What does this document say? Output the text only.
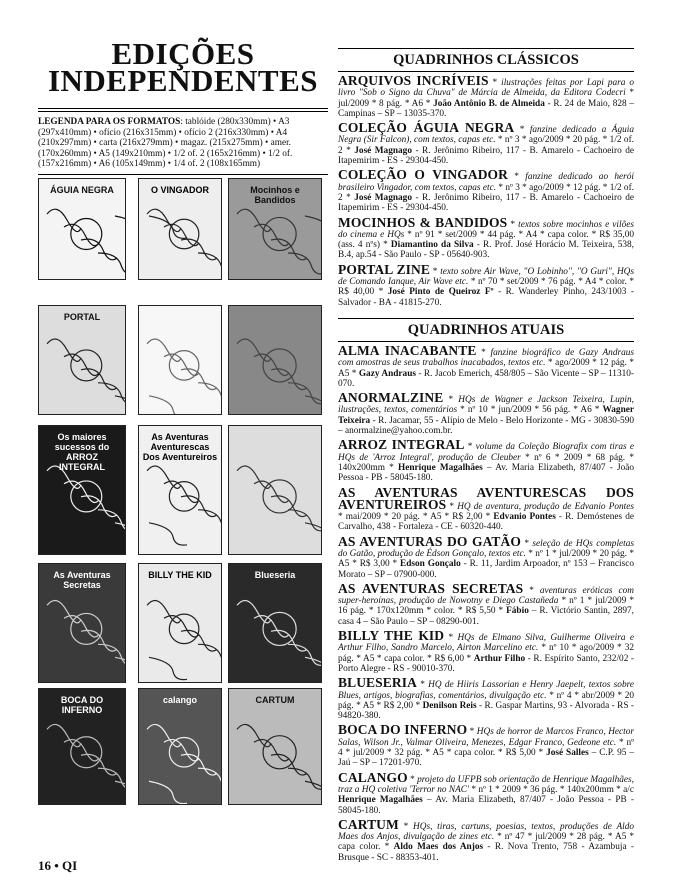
EDIÇÕES
INDEPENDENTES
LEGENDA PARA OS FORMATOS: tablóide (280x330mm) • A3 (297x410mm) • ofício (216x315mm) • ofício 2 (216x330mm) • A4 (210x297mm) • carta (216x279mm) • magaz. (215x275mm) • amer. (170x260mm) • A5 (149x210mm) • 1/2 of. 2 (165x216mm) • 1/2 of. (157x216mm) • A6 (105x149mm) • 1/4 of. 2 (108x165mm)
ÁGUIA NEGRA	O VINGADOR	Mocinhos e Bandidos
PORTAL
Os maiores sucessos do ARROZ INTEGRAL
As Aventuras Aventurescas Dos Aventureiros
As Aventuras Secretas
BILLY THE KID	Blueseria
BOCA DO INFERNO
calango	CARTUM
QUADRINHOS CLÁSSICOS
ARQUIVOS INCRÍVEIS * ilustrações feitas por Lapi para o livro "Sob o Signo da Chuva" de Márcia de Almeida, da Editora Codecri * jul/2009 * 8 pág. * A6 * João Antônio B. de Almeida - R. 24 de Maio, 828 – Campinas – SP – 13035-370.
COLEÇÃO ÁGUIA NEGRA * fanzine dedicado a Águia Negra (Sir Falcon), com textos, capas etc. * nº 3 * ago/2009 * 20 pág. * 1/2 of. 2 * José Magnago - R. Jerônimo Ribeiro, 117 - B. Amarelo - Cachoeiro de Itapemirim - ES - 29304-450.
COLEÇÃO O VINGADOR * fanzine dedicado ao herói brasileiro Vingador, com textos, capas etc. * nº 3 * ago/2009 * 12 pág. * 1/2 of. 2 * José Magnago - R. Jerônimo Ribeiro, 117 - B. Amarelo - Cachoeiro de Itapemirim - ES - 29304-450.
MOCINHOS & BANDIDOS * textos sobre mocinhos e vilões do cinema e HQs * nº 91 * set/2009 * 44 pág. * A4 * capa color. * R$ 35,00 (ass. 4 nºs) * Diamantino da Silva - R. Prof. José Horácio M. Teixeira, 538, B.4, ap.54 - São Paulo - SP - 05640-903.
PORTAL ZINE * texto sobre Air Wave, "O Lobinho", "O Guri", HQs de Comando Ianque, Air Wave etc. * nº 70 * set/2009 * 76 pág. * A4 * color. * R$ 40,00 * José Pinto de Queiroz Fº - R. Wanderley Pinho, 243/1003 - Salvador - BA - 41815-270.
QUADRINHOS ATUAIS
ALMA INACABANTE * fanzine biográfico de Gazy Andraus com amostras de seus trabalhos inacabados, textos etc. * ago/2009 * 12 pág. * A5 * Gazy Andraus - R. Jacob Emerich, 458/805 – São Vicente – SP – 11310-070.
ANORMALZINE * HQs de Wagner e Jackson Teixeira, Lupin, ilustrações, textos, comentários * nº 10 * jun/2009 * 56 pág. * A6 * Wagner Teixeira - R. Jacamar, 55 - Alípio de Melo - Belo Horizonte - MG - 30830-590 – anormalzine@yahoo.com.br.
ARROZ INTEGRAL * volume da Coleção Biografix com tiras e HQs de 'Arroz Integral', produção de Cleuber * nº 6 * 2009 * 68 pág. * 140x200mm * Henrique Magalhães – Av. Maria Elizabeth, 87/407 - João Pessoa - PB - 58045-180.
AS AVENTURAS AVENTURESCAS DOS AVENTUREIROS * HQ de aventura, produção de Edvanio Pontes * mai/2009 * 20 pág. * A5 * R$ 2,00 * Edvanio Pontes - R. Demóstenes de Carvalho, 438 - Fortaleza - CE - 60320-440.
AS AVENTURAS DO GATÃO * seleção de HQs completas do Gatão, produção de Édson Gonçalo, textos etc. * nº 1 * jul/2009 * 20 pág. * A5 * R$ 3,00 * Edson Gonçalo - R. 11, Jardim Arpoador, nº 153 – Francisco Morato – SP – 07900-000.
AS AVENTURAS SECRETAS * aventuras eróticas com super-heroínas, produção de Nowotny e Diego Castañeda * nº 1 * jul/2009 * 16 pág. * 170x120mm * color. * R$ 5,50 * Fábio – R. Victório Santin, 2897, casa 4 – São Paulo – SP – 08290-001.
BILLY THE KID * HQs de Elmano Silva, Guilherme Oliveira e Arthur Filho, Sandro Marcelo, Airton Marcelino etc. * nº 10 * ago/2009 * 32 pág. * A5 * capa color. * R$ 6,00 * Arthur Filho - R. Espírito Santo, 232/02 - Porto Alegre - RS - 90010-370.
BLUESERIA * HQ de Hiiris Lassorian e Henry Jaepelt, textos sobre Blues, artigos, biografias, comentários, divulgação etc. * nº 4 * abr/2009 * 20 pág. * A5 * R$ 2,00 * Denilson Reis - R. Gaspar Martins, 93 - Alvorada - RS - 94820-380.
BOCA DO INFERNO * HQs de horror de Marcos Franco, Hector Salas, Wilson Jr., Valmar Oliveira, Menezes, Edgar Franco, Gedeone etc. * nº 4 * jul/2009 * 32 pág. * A5 * capa color. * R$ 5,00 * José Salles – C.P. 95 – Jaú – SP – 17201-970.
CALANGO * projeto da UFPB sob orientação de Henrique Magalhães, traz a HQ coletiva 'Terror no NAC' * nº 1 * 2009 * 36 pág. * 140x200mm * a/c Henrique Magalhães – Av. Maria Elizabeth, 87/407 - João Pessoa - PB - 58045-180.
CARTUM * HQs, tiras, cartuns, poesias, textos, produções de Aldo Maes dos Anjos, divulgação de zines etc. * nº 47 * jul/2009 * 28 pág. * A5 * capa color. * Aldo Maes dos Anjos - R. Nova Trento, 758 - Azambuja - Brusque - SC - 88353-401.
16 • QI
